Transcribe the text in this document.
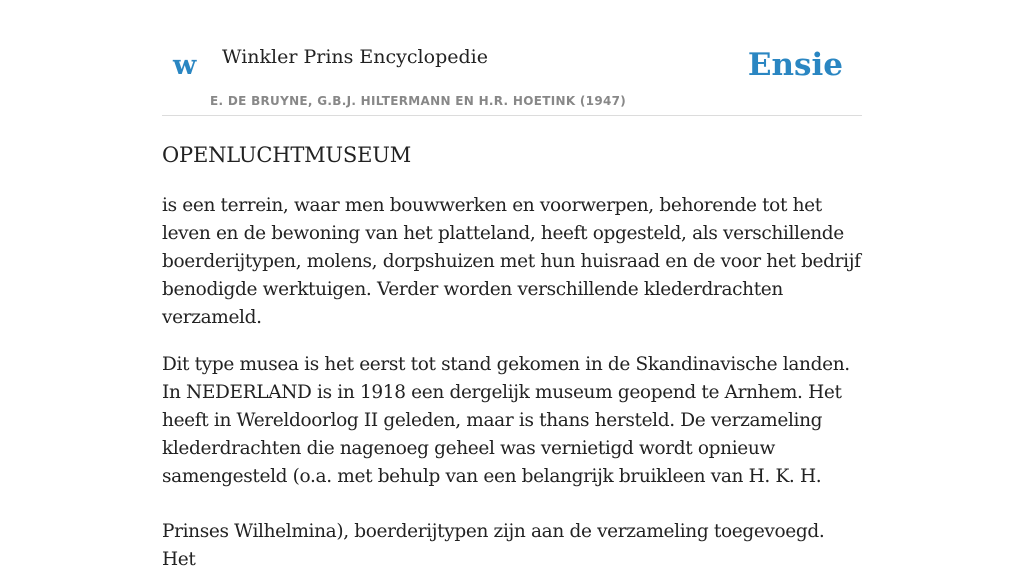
w Winkler Prins Encyclopedie
E. DE BRUYNE, G.B.J. HILTERMANN EN H.R. HOETINK (1947)
Ensie
OPENLUCHTMUSEUM

is een terrein, waar men bouwwerken en voorwerpen, behorende tot het leven en de bewoning van het platteland, heeft opgesteld, als verschillende boerderijtypen, molens, dorpshuizen met hun huisraad en de voor het bedrijf benodigde werktuigen. Verder worden verschillende klederdrachten verzameld.

Dit type musea is het eerst tot stand gekomen in de Skandinavische landen. In NEDERLAND is in 1918 een dergelijk museum geopend te Arnhem. Het heeft in Wereldoorlog II geleden, maar is thans hersteld. De verzameling klederdrachten die nagenoeg geheel was vernietigd wordt opnieuw samengesteld (o.a. met behulp van een belangrijk bruikleen van H. K. H.

Prinses Wilhelmina), boerderijtypen zijn aan de verzameling toegevoegd. Het
